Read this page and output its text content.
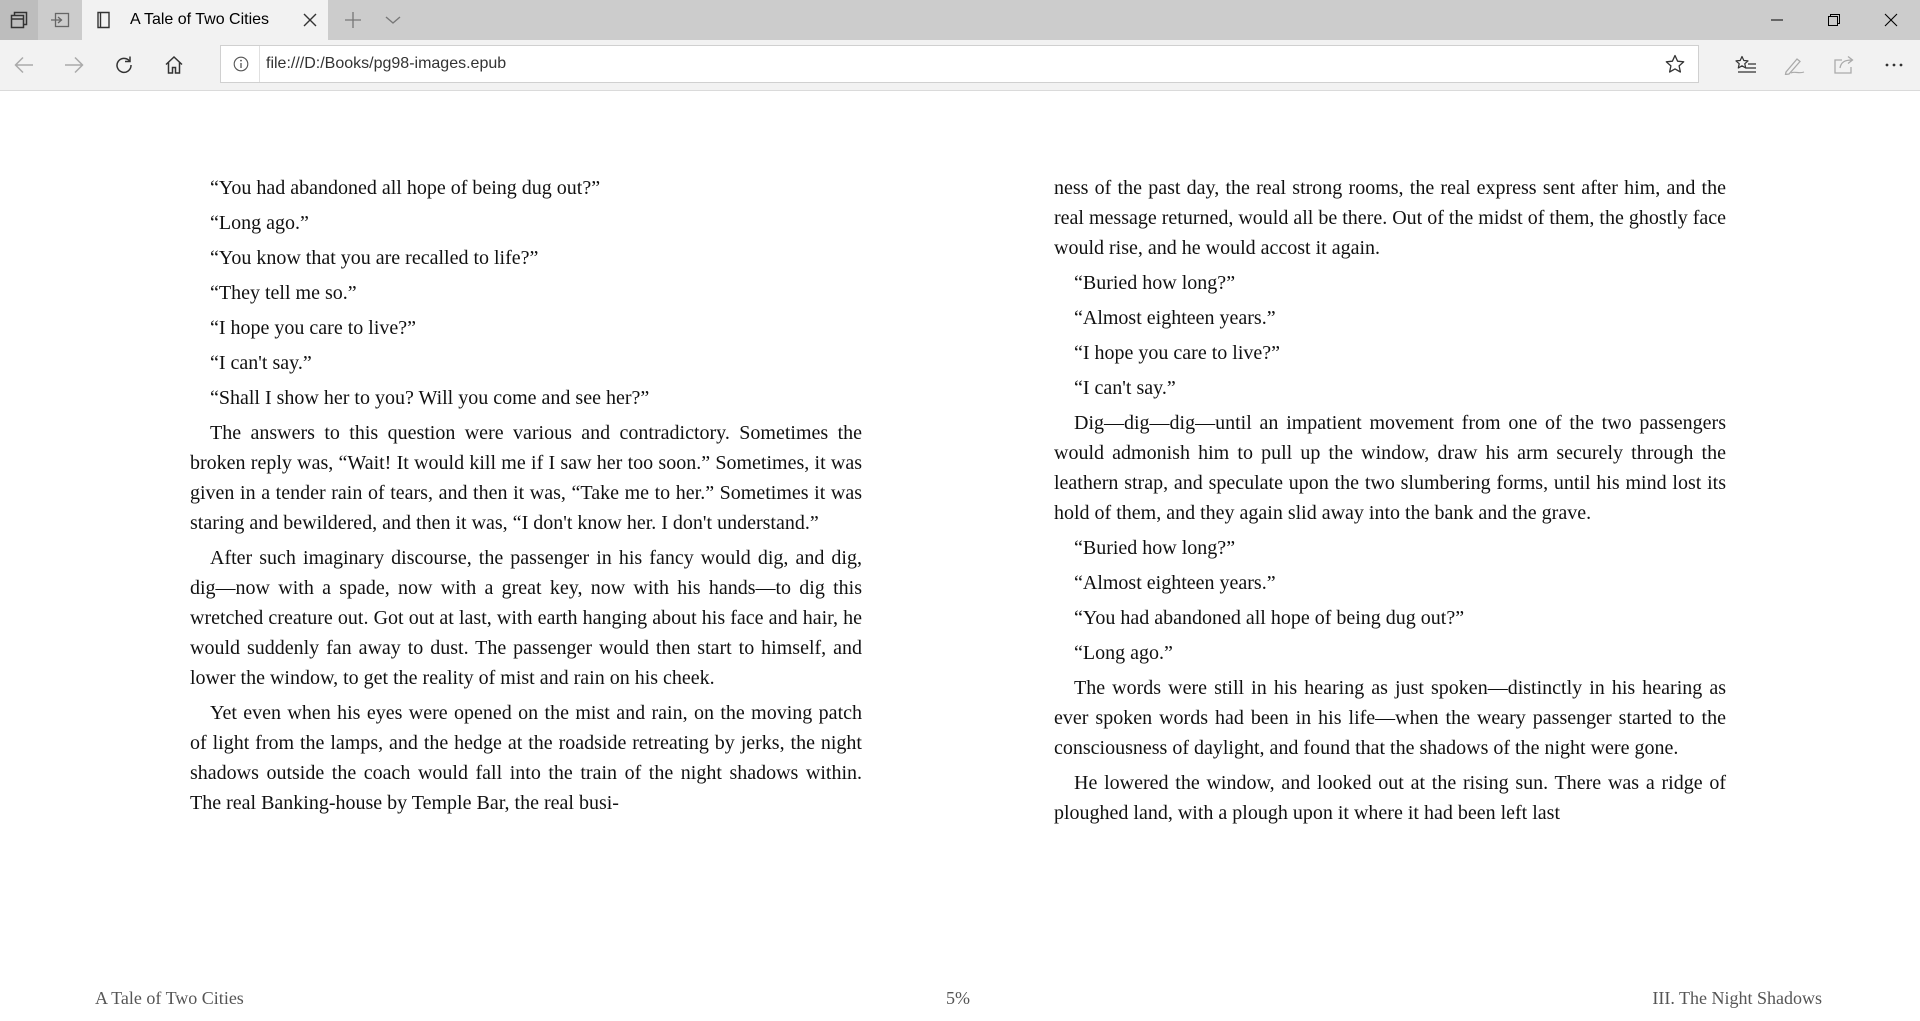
A Tale of Two Cities
file:///D:/Books/pg98-images.epub

“You had abandoned all hope of being dug out?”

“Long ago.”

“You know that you are recalled to life?”

“They tell me so.”

“I hope you care to live?”

“I can't say.”

“Shall I show her to you? Will you come and see her?”

The answers to this question were various and contradictory. Sometimes the broken reply was, “Wait! It would kill me if I saw her too soon.” Sometimes, it was given in a tender rain of tears, and then it was, “Take me to her.” Sometimes it was staring and bewildered, and then it was, “I don't know her. I don't understand.”

After such imaginary discourse, the passenger in his fancy would dig, and dig, dig—now with a spade, now with a great key, now with his hands—to dig this wretched creature out. Got out at last, with earth hanging about his face and hair, he would suddenly fan away to dust. The passenger would then start to himself, and lower the window, to get the reality of mist and rain on his cheek.

Yet even when his eyes were opened on the mist and rain, on the moving patch of light from the lamps, and the hedge at the roadside retreating by jerks, the night shadows outside the coach would fall into the train of the night shadows within. The real Banking-house by Temple Bar, the real busi-

ness of the past day, the real strong rooms, the real express sent after him, and the real message returned, would all be there. Out of the midst of them, the ghostly face would rise, and he would accost it again.

“Buried how long?”

“Almost eighteen years.”

“I hope you care to live?”

“I can't say.”

Dig—dig—dig—until an impatient movement from one of the two passengers would admonish him to pull up the window, draw his arm securely through the leathern strap, and speculate upon the two slumbering forms, until his mind lost its hold of them, and they again slid away into the bank and the grave.

“Buried how long?”

“Almost eighteen years.”

“You had abandoned all hope of being dug out?”

“Long ago.”

The words were still in his hearing as just spoken—distinctly in his hearing as ever spoken words had been in his life—when the weary passenger started to the consciousness of daylight, and found that the shadows of the night were gone.

He lowered the window, and looked out at the rising sun. There was a ridge of ploughed land, with a plough upon it where it had been left last

A Tale of Two Cities	5%	III. The Night Shadows
